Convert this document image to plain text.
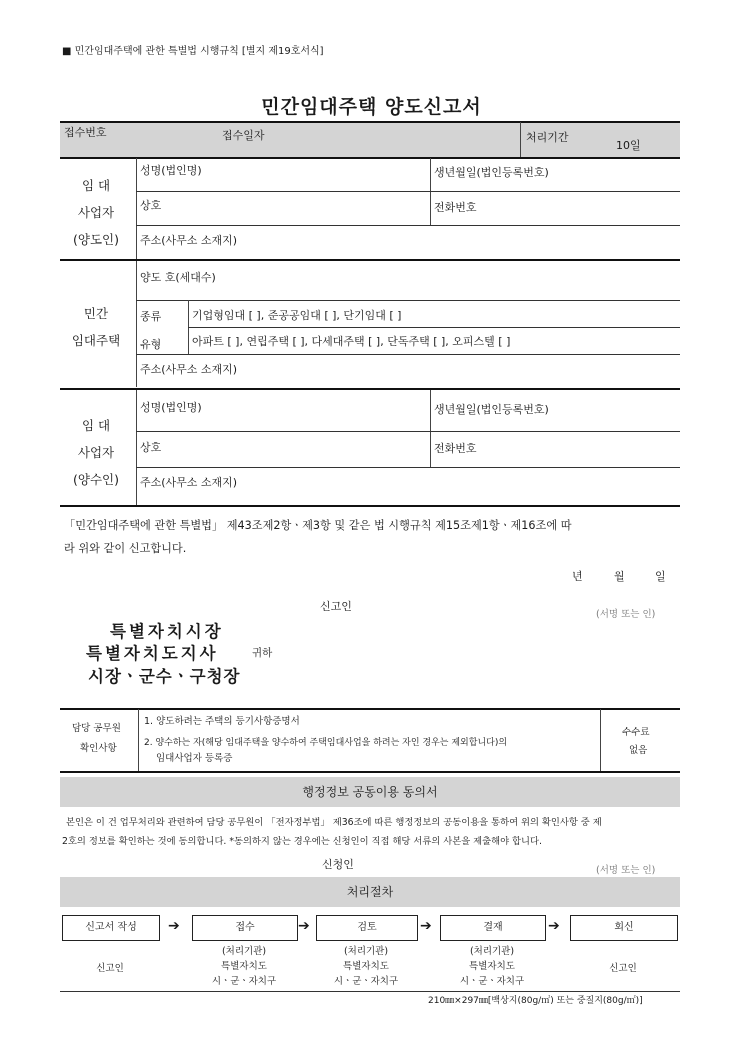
■ 민간임대주택에 관한 특별법 시행규칙 [별지 제19호서식]
민간임대주택 양도신고서
접수번호	접수일자	처리기간
10일
임 대
사업자
(양도인)
성명(법인명)	생년월일(법인등록번호)
상호	전화번호
주소(사무소 소재지)
민간
임대주택
양도 호(세대수)
종류	기업형임대 [ ], 준공공임대 [ ], 단기임대 [ ]
유형	아파트 [ ], 연립주택 [ ], 다세대주택 [ ], 단독주택 [ ], 오피스텔 [ ]
주소(사무소 소재지)
임 대
사업자
(양수인)
성명(법인명)	생년월일(법인등록번호)
상호	전화번호
주소(사무소 소재지)
「민간임대주택에 관한 특별법」 제43조제2항ㆍ제3항 및 같은 법 시행규칙 제15조제1항ㆍ제16조에 따
라 위와 같이 신고합니다.
년	월	일
신고인
(서명 또는 인)
특별자치시장
특별자치도지사	귀하
시장ㆍ군수ㆍ구청장
담당 공무원
확인사항
1. 양도하려는 주택의 등기사항증명서
2. 양수하는 자(해당 임대주택을 양수하여 주택임대사업을 하려는 자인 경우는 제외합니다)의
임대사업자 등록증
수수료
없음
행정정보 공동이용 동의서
본인은 이 건 업무처리와 관련하여 담당 공무원이 「전자정부법」 제36조에 따른 행정정보의 공동이용을 통하여 위의 확인사항 중 제
2호의 정보를 확인하는 것에 동의합니다. *동의하지 않는 경우에는 신청인이 직접 해당 서류의 사본을 제출해야 합니다.
신청인	(서명 또는 인)
처리절차
신고서 작성	➔	접수	➔	검토	➔	결재	➔	회신
신고인
(처리기관)
특별자치도
시ㆍ군ㆍ자치구
(처리기관)
특별자치도
시ㆍ군ㆍ자치구
(처리기관)
특별자치도
시ㆍ군ㆍ자치구
신고인
210㎜×297㎜[백상지(80g/㎡) 또는 중질지(80g/㎡)]
